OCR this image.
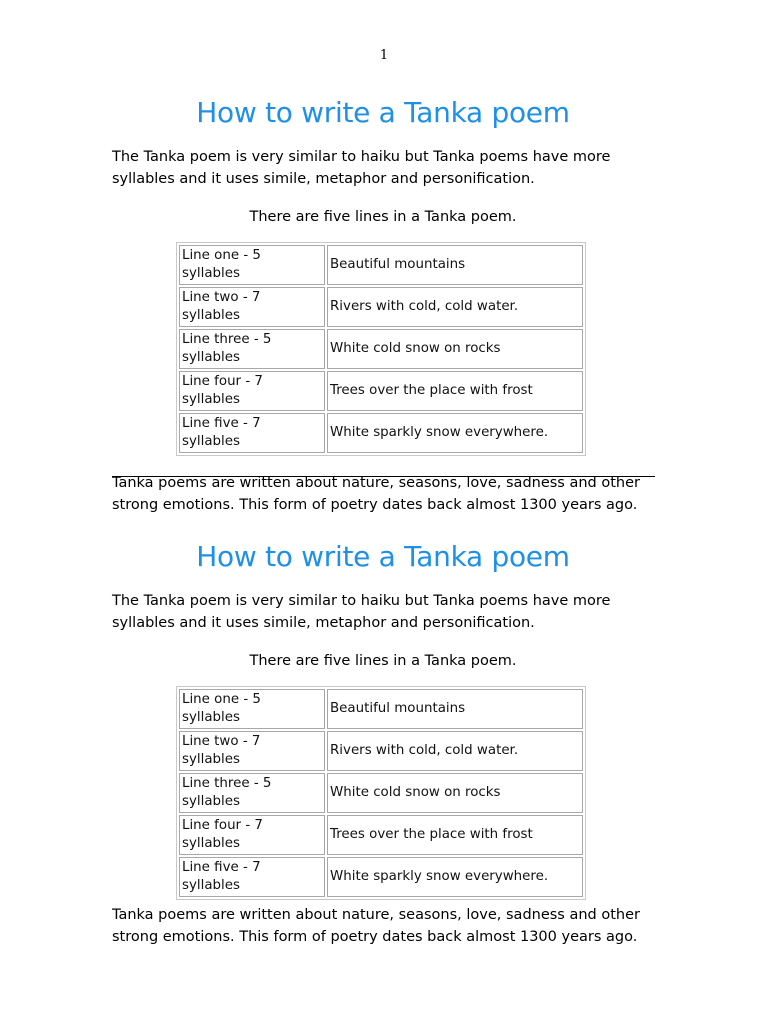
1
How to write a Tanka poem

The Tanka poem is very similar to haiku but Tanka poems have more syllables and it uses simile, metaphor and personification.

There are five lines in a Tanka poem.

Line one - 5 syllables	Beautiful mountains
Line two - 7 syllables	Rivers with cold, cold water.
Line three - 5 syllables	White cold snow on rocks
Line four - 7 syllables	Trees over the place with frost
Line five - 7 syllables	White sparkly snow everywhere.

Tanka poems are written about nature, seasons, love, sadness and other strong emotions. This form of poetry dates back almost 1300 years ago.

How to write a Tanka poem

The Tanka poem is very similar to haiku but Tanka poems have more syllables and it uses simile, metaphor and personification.

There are five lines in a Tanka poem.

Line one - 5 syllables	Beautiful mountains
Line two - 7 syllables	Rivers with cold, cold water.
Line three - 5 syllables	White cold snow on rocks
Line four - 7 syllables	Trees over the place with frost
Line five - 7 syllables	White sparkly snow everywhere.

Tanka poems are written about nature, seasons, love, sadness and other strong emotions. This form of poetry dates back almost 1300 years ago.
